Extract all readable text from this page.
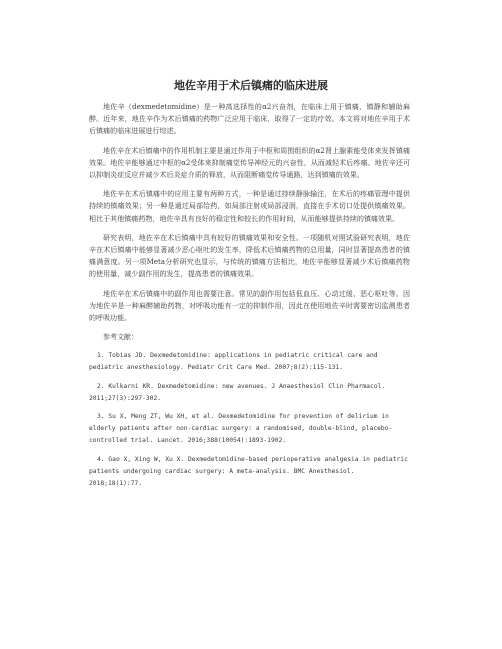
地佐辛用于术后镇痛的临床进展

地佐辛（dexmedetomidine）是一种高选择性的α2兴奋剂，在临床上用于镇痛、镇静和辅助麻醉。近年来，地佐辛作为术后镇痛的药物广泛应用于临床，取得了一定的疗效。本文将对地佐辛用于术后镇痛的临床进展进行综述。

地佐辛在术后镇痛中的作用机制主要是通过作用于中枢和周围组织的α2肾上腺素能受体来发挥镇痛效果。地佐辛能够通过中枢的α2受体来抑制痛觉传导神经元的兴奋性，从而减轻术后疼痛。地佐辛还可以抑制炎症反应并减少术后炎症介质的释放，从而阻断痛觉传导通路，达到镇痛的效果。

地佐辛在术后镇痛中的应用主要有两种方式，一种是通过持续静脉输注，在术后的疼痛管理中提供持续的镇痛效果；另一种是通过局部给药，如局部注射或局部浸润，直接在手术切口处提供镇痛效果。相比于其他镇痛药物，地佐辛具有良好的稳定性和较长的作用时间，从而能够提供持续的镇痛效果。

研究表明，地佐辛在术后镇痛中具有较好的镇痛效果和安全性。一项随机对照试验研究表明，地佐辛在术后镇痛中能够显著减少恶心呕吐的发生率，降低术后镇痛药物的总用量，同时显著提高患者的镇痛满意度。另一项Meta分析研究也显示，与传统的镇痛方法相比，地佐辛能够显著减少术后镇痛药物的使用量，减少副作用的发生，提高患者的镇痛效果。

地佐辛在术后镇痛中的副作用也需要注意。常见的副作用包括低血压、心动过缓、恶心呕吐等。因为地佐辛是一种麻醉辅助药物，对呼吸功能有一定的抑制作用，因此在使用地佐辛时需要密切监测患者的呼吸功能。

参考文献：

1. Tobias JD. Dexmedetomidine: applications in pediatric critical care and pediatric anesthesiology. Pediatr Crit Care Med. 2007;8(2):115-131.
2. Kulkarni KR. Dexmedetomidine: new avenues. J Anaesthesiol Clin Pharmacol. 2011;27(3):297-302.
3. Su X, Meng ZT, Wu XH, et al. Dexmedetomidine for prevention of delirium in elderly patients after non-cardiac surgery: a randomised, double-blind, placebo-controlled trial. Lancet. 2016;388(10054):1893-1902.
4. Gao X, Xing W, Xu X. Dexmedetomidine-based perioperative analgesia in pediatric patients undergoing cardiac surgery: A meta-analysis. BMC Anesthesiol. 2018;18(1):77.
